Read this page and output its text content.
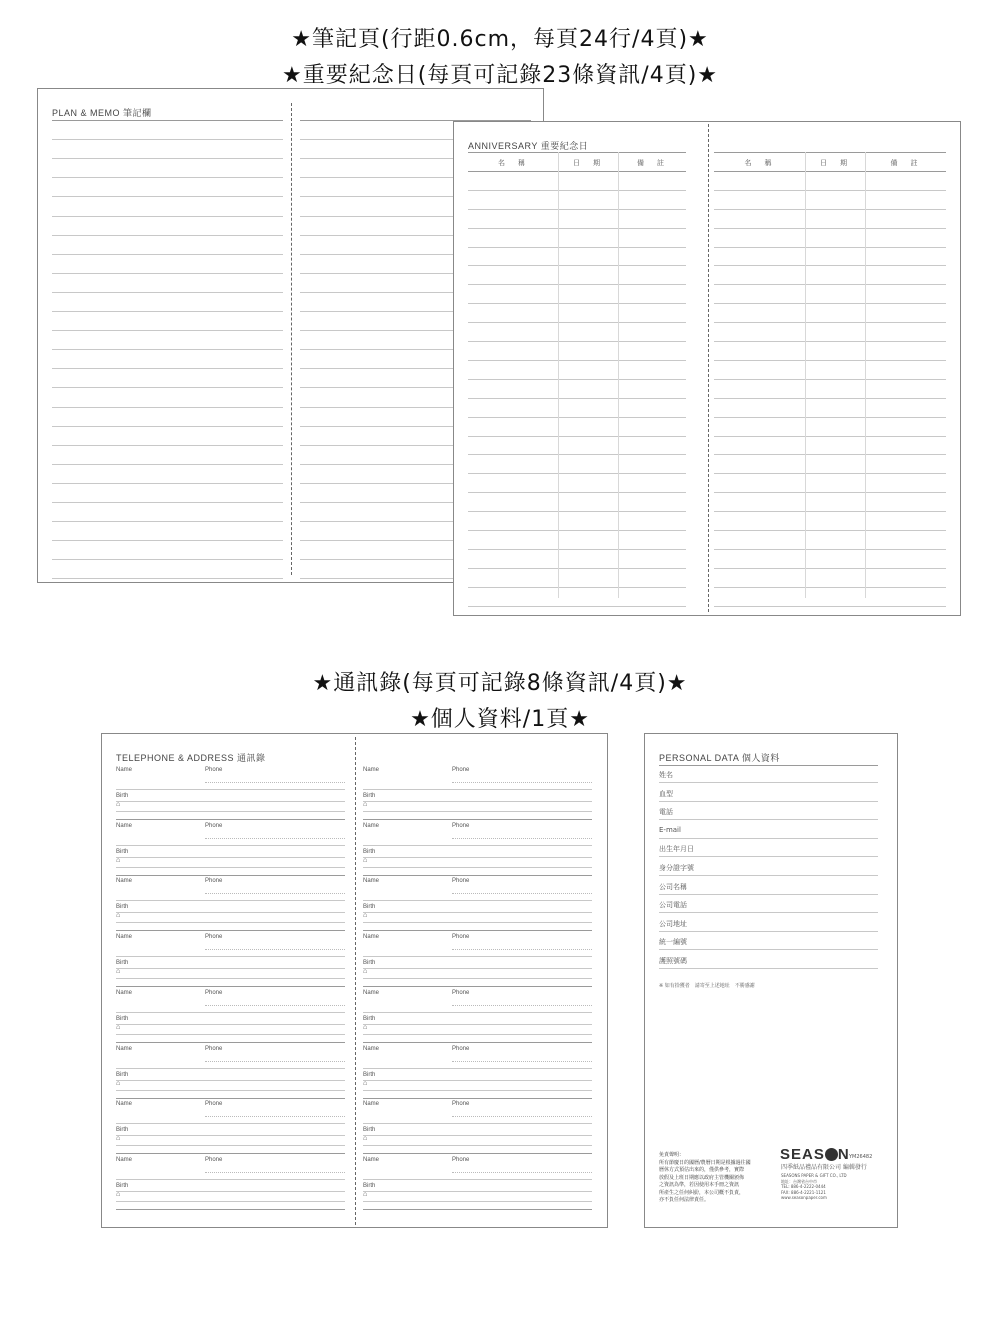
★筆記頁(行距0.6cm，每頁24行/4頁)★
★重要紀念日(每頁可記錄23條資訊/4頁)★
★通訊錄(每頁可記錄8條資訊/4頁)★
★個人資料/1頁★
PLAN & MEMO 筆記欄
ANNIVERSARY 重要紀念日
名　稱	日　期	備　註	名　稱	日　期	備　註
TELEPHONE & ADDRESS 通訊錄
Name	Phone
Birth
⌂
Name	Phone
Birth
⌂
Name	Phone
Birth
⌂
Name	Phone
Birth
⌂
Name	Phone
Birth
⌂
Name	Phone
Birth
⌂
Name	Phone
Birth
⌂
Name	Phone
Birth
⌂
Name	Phone
Birth
⌂
Name	Phone
Birth
⌂
Name	Phone
Birth
⌂
Name	Phone
Birth
⌂
Name	Phone
Birth
⌂
Name	Phone
Birth
⌂
Name	Phone
Birth
⌂
Name	Phone
Birth
⌂
PERSONAL DATA 個人資料
※ 如有拾獲者　請寄至上述地址　不勝感謝
免責聲明：
所有節慶日的國曆/農曆日期是根據過往國
曆休方式預估出來的，僅供參考，實際
放假及上班日期應以政府主管機關頒佈
之資訊為準，若因使用本手冊之資訊
所產生之任何糾紛，本公司概不負責，
亦不負任何法律責任。
SEAS N YM26482
四季紙品禮品有限公司 編輯發行
SEASONS PAPER & GIFT CO., LTD
地址：台灣省台中市
TEL: 886-4-2222-0444
FAX: 886-4-2221-1121
www.seasonpaper.com
姓名
血型
電話
E-mail
出生年月日
身分證字號
公司名稱
公司電話
公司地址
統一編號
護照號碼
